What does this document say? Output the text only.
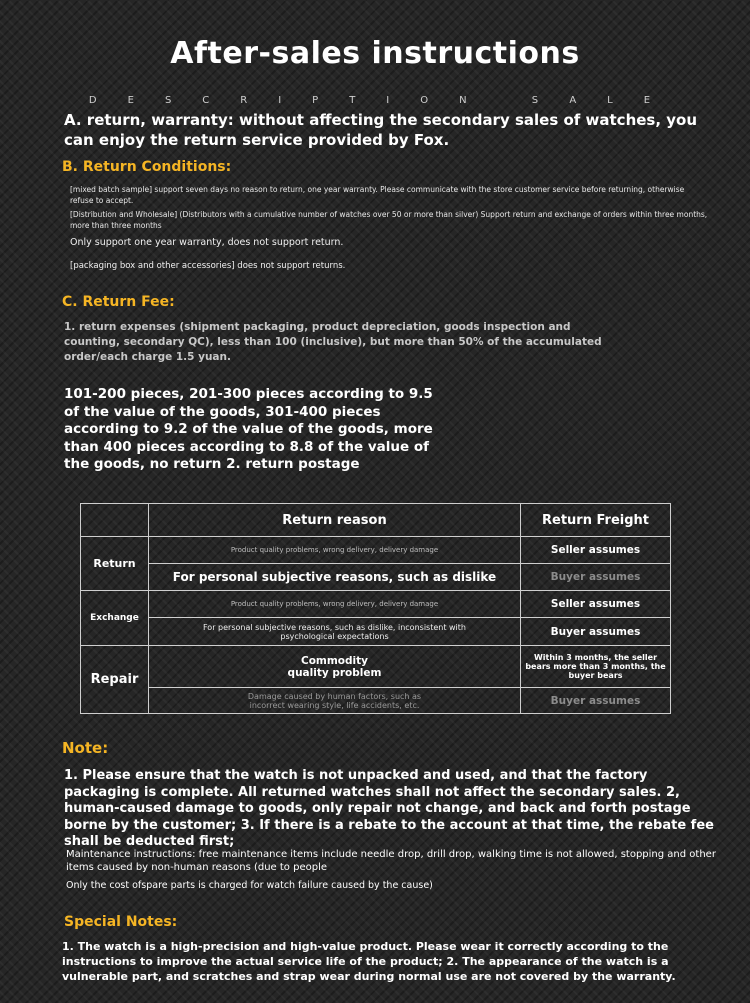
After-sales instructions
DESCRIPTION SALE
A. return, warranty: without affecting the secondary sales of watches, you can enjoy the return service provided by Fox.
B. Return Conditions:
[mixed batch sample] support seven days no reason to return, one year warranty. Please communicate with the store customer service before returning, otherwise refuse to accept.
[Distribution and Wholesale] (Distributors with a cumulative number of watches over 50 or more than silver) Support return and exchange of orders within three months, more than three months
Only support one year warranty, does not support return.
[packaging box and other accessories] does not support returns.
C. Return Fee:
1. return expenses (shipment packaging, product depreciation, goods inspection and counting, secondary QC), less than 100 (inclusive), but more than 50% of the accumulated order/each charge 1.5 yuan.
101-200 pieces, 201-300 pieces according to 9.5 of the value of the goods, 301-400 pieces according to 9.2 of the value of the goods, more than 400 pieces according to 8.8 of the value of the goods, no return 2. return postage
	Return reason	Return Freight
Return	Product quality problems, wrong delivery, delivery damage	Seller assumes
	For personal subjective reasons, such as dislike	Buyer assumes
Exchange	Product quality problems, wrong delivery, delivery damage	Seller assumes
	For personal subjective reasons, such as dislike, inconsistent with psychological expectations	Buyer assumes
Repair	Commodity quality problem	Within 3 months, the seller bears more than 3 months, the buyer bears
	Damage caused by human factors, such as incorrect wearing style, life accidents, etc.	Buyer assumes
Note:
1. Please ensure that the watch is not unpacked and used, and that the factory packaging is complete. All returned watches shall not affect the secondary sales. 2, human-caused damage to goods, only repair not change, and back and forth postage borne by the customer; 3. If there is a rebate to the account at that time, the rebate fee shall be deducted first;
Maintenance instructions: free maintenance items include needle drop, drill drop, walking time is not allowed, stopping and other items caused by non-human reasons (due to people
Only the cost ofspare parts is charged for watch failure caused by the cause)
Special Notes:
1. The watch is a high-precision and high-value product. Please wear it correctly according to the instructions to improve the actual service life of the product; 2. The appearance of the watch is a vulnerable part, and scratches and strap wear during normal use are not covered by the warranty.
